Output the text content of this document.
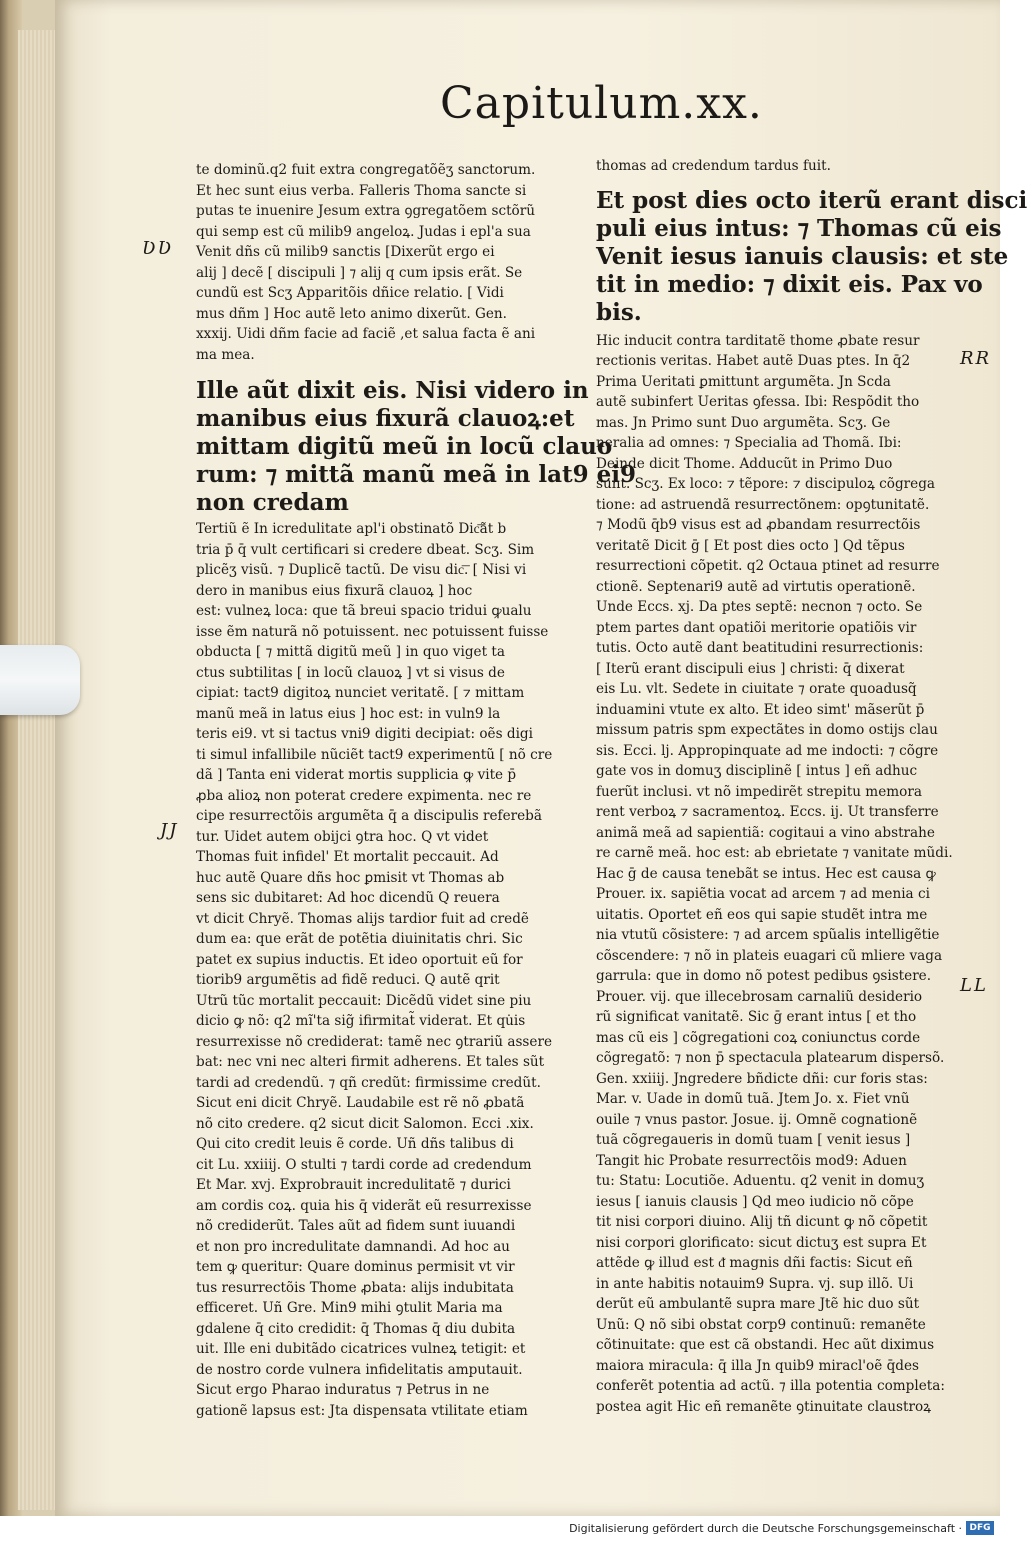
Capitulum.xx.
ƲƲ
JJ
RR
LL

te dominũ.q2 fuit extra congregatõẽʒ sanctorum.

Et hec sunt eius verba. Falleris Thoma sancte si

putas te inuenire Jesum extra ꝯgregatõem sctõrũ

qui semp est cũ milib9 angeloꝝ. Judas i epl'a sua

Venit dñs cũ milib9 sanctis [Dixerũt ergo ei

alij ] decẽ [ discipuli ] ⁊ alij q cum ipsis erãt. Se

cundũ est Scʒ Apparitõis dñice relatio. [ Vidi

mus dñm ] Hoc autẽ leto animo dixerũt. Gen.

xxxij. Uidi dñm facie ad faciẽ ,et salua facta ẽ ani

ma mea.

Ille aũt dixit eis. Nisi videro in

manibus eius fixurã clauoꝝ:et

mittam digitũ meũ in locũ clauo

rum: ⁊ mittã manũ meã in lat9 ei9

non credam

Tertiũ ẽ In icredulitate apl'i obstinatõ Dic͞ãt b

tria p̄ q̄ vult certificari si credere dbeat. Scʒ. Sim

plicẽʒ visũ. ⁊ Duplicẽ tactũ. De visu dic͞. [ Nisi vi

dero in manibus eius fixurã clauoꝝ ] hoc

est: vulneꝝ loca: que tã breui spacio tridui ꝙualu

isse ẽm naturã nõ potuissent. nec potuissent fuisse

obducta [ ⁊ mittã digitũ meũ ] in quo viget ta

ctus subtilitas [ in locũ clauoꝝ ] vt si visus de

cipiat: tact9 digitoꝝ nunciet veritatẽ. [ ⁊ mittam

manũ meã in latus eius ] hoc est: in vuln9 la

teris ei9. vt si tactus vni9 digiti decipiat: oẽs digi

ti simul infallibile nũciẽt tact9 experimentũ [ nõ cre

dã ] Tanta eni viderat mortis supplicia ꝙ vite p̄

ꝓba alioꝝ non poterat credere expimenta. nec re

cipe resurrectõis argumẽta q̄ a discipulis referebã

tur. Uidet autem obijci ꝯtra hoc. Q vt videt

Thomas fuit infidel' Et mortalit peccauit. Ad

huc autẽ Quare dñs hoc ꝑmisit vt Thomas ab

sens sic dubitaret: Ad hoc dicendũ Q reuera

vt dicit Chryẽ. Thomas alijs tardior fuit ad credẽ

dum ea: que erãt de potẽtia diuinitatis chri. Sic

patet ex supius inductis. Et ideo oportuit eũ for

tiorib9 argumẽtis ad fidẽ reduci. Q autẽ qrit

Utrũ tũc mortalit peccauit: Dicẽdũ videt sine piu

dicio ꝙ nõ: q2 mĩ'ta sig̃ ifirmitat̃ viderat. Et qu̇is

resurrexisse nõ crediderat: tamẽ nec ꝯtrariũ assere

bat: nec vni nec alteri firmit adherens. Et tales sũt

tardi ad credendũ. ⁊ qñ credũt: firmissime credũt.

Sicut eni dicit Chryẽ. Laudabile est rẽ nõ ꝓbatã

nõ cito credere. q2 sicut dicit Salomon. Ecci .xix.

Qui cito credit leuis ẽ corde. Uñ dñs talibus di

cit Lu. xxiiij. O stulti ⁊ tardi corde ad credendum

Et Mar. xvj. Exprobrauit incredulitatẽ ⁊ durici

am cordis coꝝ. quia his q̄ viderãt eũ resurrexisse

nõ crediderũt. Tales aũt ad fidem sunt iuuandi

et non pro incredulitate damnandi. Ad hoc au

tem ꝙ queritur: Quare dominus permisit vt vir

tus resurrectõis Thome ꝓbata: alijs indubitata

efficeret. Uñ Gre. Min9 mihi ꝯtulit Maria ma

gdalene q̄ cito credidit: q̄ Thomas q̄ diu dubita

uit. Ille eni dubitãdo cicatrices vulneꝝ tetigit: et

de nostro corde vulnera infidelitatis amputauit.

Sicut ergo Pharao induratus ⁊ Petrus in ne

gationẽ lapsus est: Jta dispensata vtilitate etiam

thomas ad credendum tardus fuit.

Et post dies octo iterũ erant disci

puli eius intus: ⁊ Thomas cũ eis

Venit iesus ianuis clausis: et ste

tit in medio: ⁊ dixit eis. Pax vo

bis.

Hic inducit contra tarditatẽ thome ꝓbate resur

rectionis veritas. Habet autẽ Duas ptes. In q̄2

Prima Ueritati ꝑmittunt argumẽta. Jn Scda

autẽ subinfert Ueritas ꝯfessa. Ibi: Respõdit tho

mas. Jn Primo sunt Duo argumẽta. Scʒ. Ge

neralia ad omnes: ⁊ Specialia ad Thomã. Ibi:

Deinde dicit Thome. Adducũt in Primo Duo

sunt. Scʒ. Ex loco: ⁊ tẽpore: ⁊ discipuloꝝ cõgrega

tione: ad astruendã resurrectõnem: opꝯtunitatẽ.

⁊ Modũ q̄b9 visus est ad ꝓbandam resurrectõis

veritatẽ Dicit ḡ [ Et post dies octo ] Qd tẽpus

resurrectioni cõpetit. q2 Octaua ptinet ad resurre

ctionẽ. Septenari9 autẽ ad virtutis operationẽ.

Unde Eccs. xj. Da ptes septẽ: necnon ⁊ octo. Se

ptem partes dant opatiõi meritorie opatiõis vir

tutis. Octo autẽ dant beatitudini resurrectionis:

[ Iterũ erant discipuli eius ] christi: q̄ dixerat

eis Lu. vlt. Sedete in ciuitate ⁊ orate quoadusq̃

induamini vtute ex alto. Et ideo simt' mãserũt p̄

missum patris spm expectãtes in domo ostijs clau

sis. Ecci. lj. Appropinquate ad me indocti: ⁊ cõgre

gate vos in domuʒ disciplinẽ [ intus ] eñ adhuc

fuerũt inclusi. vt nõ impedirẽt strepitu memora

rent verboꝝ ⁊ sacramentoꝝ. Eccs. ij. Ut transferre

animã meã ad sapientiã: cogitaui a vino abstrahe

re carnẽ meã. hoc est: ab ebrietate ⁊ vanitate mũdi.

Hac ḡ de causa tenebãt se intus. Hec est causa ꝙ

Prouer. ix. sapiẽtia vocat ad arcem ⁊ ad menia ci

uitatis. Oportet eñ eos qui sapie studẽt intra me

nia vtutũ cõsistere: ⁊ ad arcem spũalis intelligẽtie

cõscendere: ⁊ nõ in plateis euagari cũ mliere vaga

garrula: que in domo nõ potest pedibus ꝯsistere.

Prouer. vij. que illecebrosam carnaliũ desiderio

rũ significat vanitatẽ. Sic ḡ erant intus [ et tho

mas cũ eis ] cõgregationi coꝝ coniunctus corde

cõgregatõ: ⁊ non p̄ spectacula platearum dispersõ.

Gen. xxiiij. Jngredere bñdicte dñi: cur foris stas:

Mar. v. Uade in domũ tuã. Jtem Jo. x. Fiet vnũ

ouile ⁊ vnus pastor. Josue. ij. Omnẽ cognationẽ

tuã cõgregaueris in domũ tuam [ venit iesus ]

Tangit hic Probate resurrectõis mod9: Aduen

tu: Statu: Locutiõe. Aduentu. q2 venit in domuʒ

iesus [ ianuis clausis ] Qd meo iudicio nõ cõpe

tit nisi corpori diuino. Alij tñ dicunt ꝙ nõ cõpetit

nisi corpori glorificato: sicut dictuʒ est supra Et

attẽde ꝙ illud est ᵭ magnis dñi factis: Sicut eñ

in ante habitis notauim9 Supra. vj. sup illõ. Ui

derũt eũ ambulantẽ supra mare Jtẽ hic duo sũt

Unũ: Q nõ sibi obstat corp9 continuũ: remanẽte

cõtinuitate: que est cã obstandi. Hec aũt diximus

maiora miracula: q̄ illa Jn quib9 miracl'oẽ q̄des

conferẽt potentia ad actũ. ⁊ illa potentia completa:

postea agit Hic eñ remanẽte ꝯtinuitate claustroꝝ

Digitalisierung gefördert durch die Deutsche Forschungsgemeinschaft · DFG
